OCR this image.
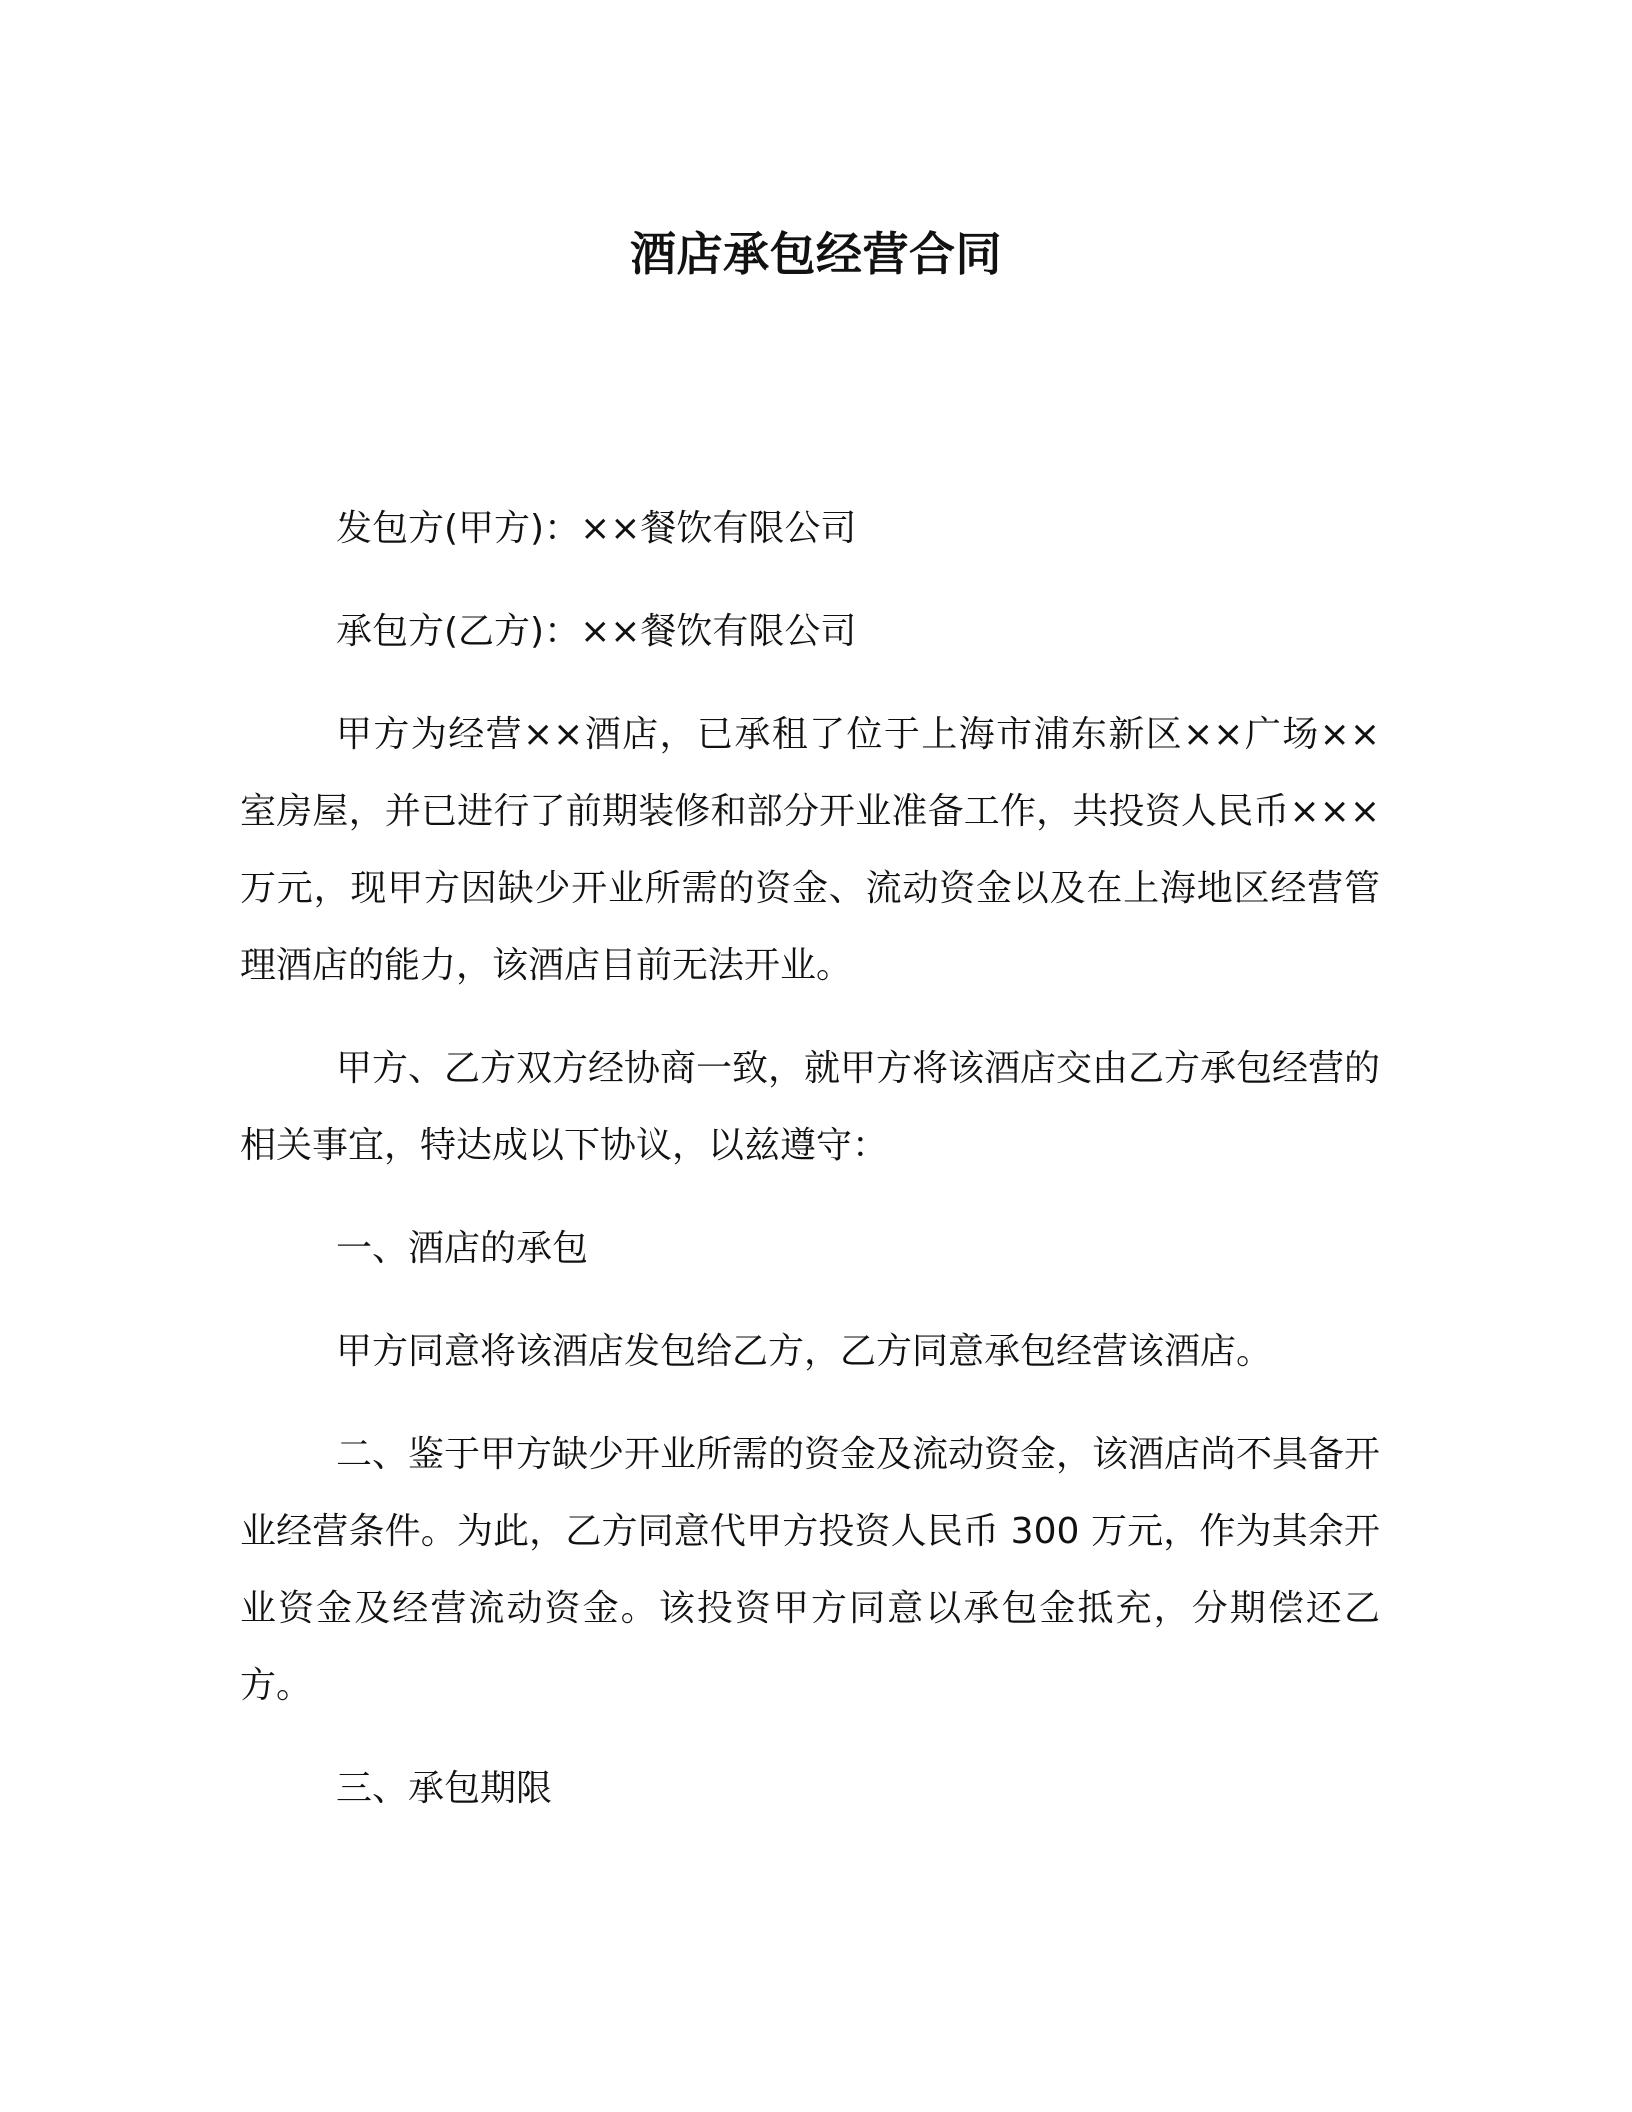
酒店承包经营合同

发包方(甲方)：××餐饮有限公司

承包方(乙方)：××餐饮有限公司

甲方为经营××酒店，已承租了位于上海市浦东新区××广场××室房屋，并已进行了前期装修和部分开业准备工作，共投资人民币×××万元，现甲方因缺少开业所需的资金、流动资金以及在上海地区经营管理酒店的能力，该酒店目前无法开业。

甲方、乙方双方经协商一致，就甲方将该酒店交由乙方承包经营的相关事宜，特达成以下协议，以兹遵守：

一、酒店的承包

甲方同意将该酒店发包给乙方，乙方同意承包经营该酒店。

二、鉴于甲方缺少开业所需的资金及流动资金，该酒店尚不具备开业经营条件。为此，乙方同意代甲方投资人民币 300 万元，作为其余开业资金及经营流动资金。该投资甲方同意以承包金抵充，分期偿还乙方。

三、承包期限
